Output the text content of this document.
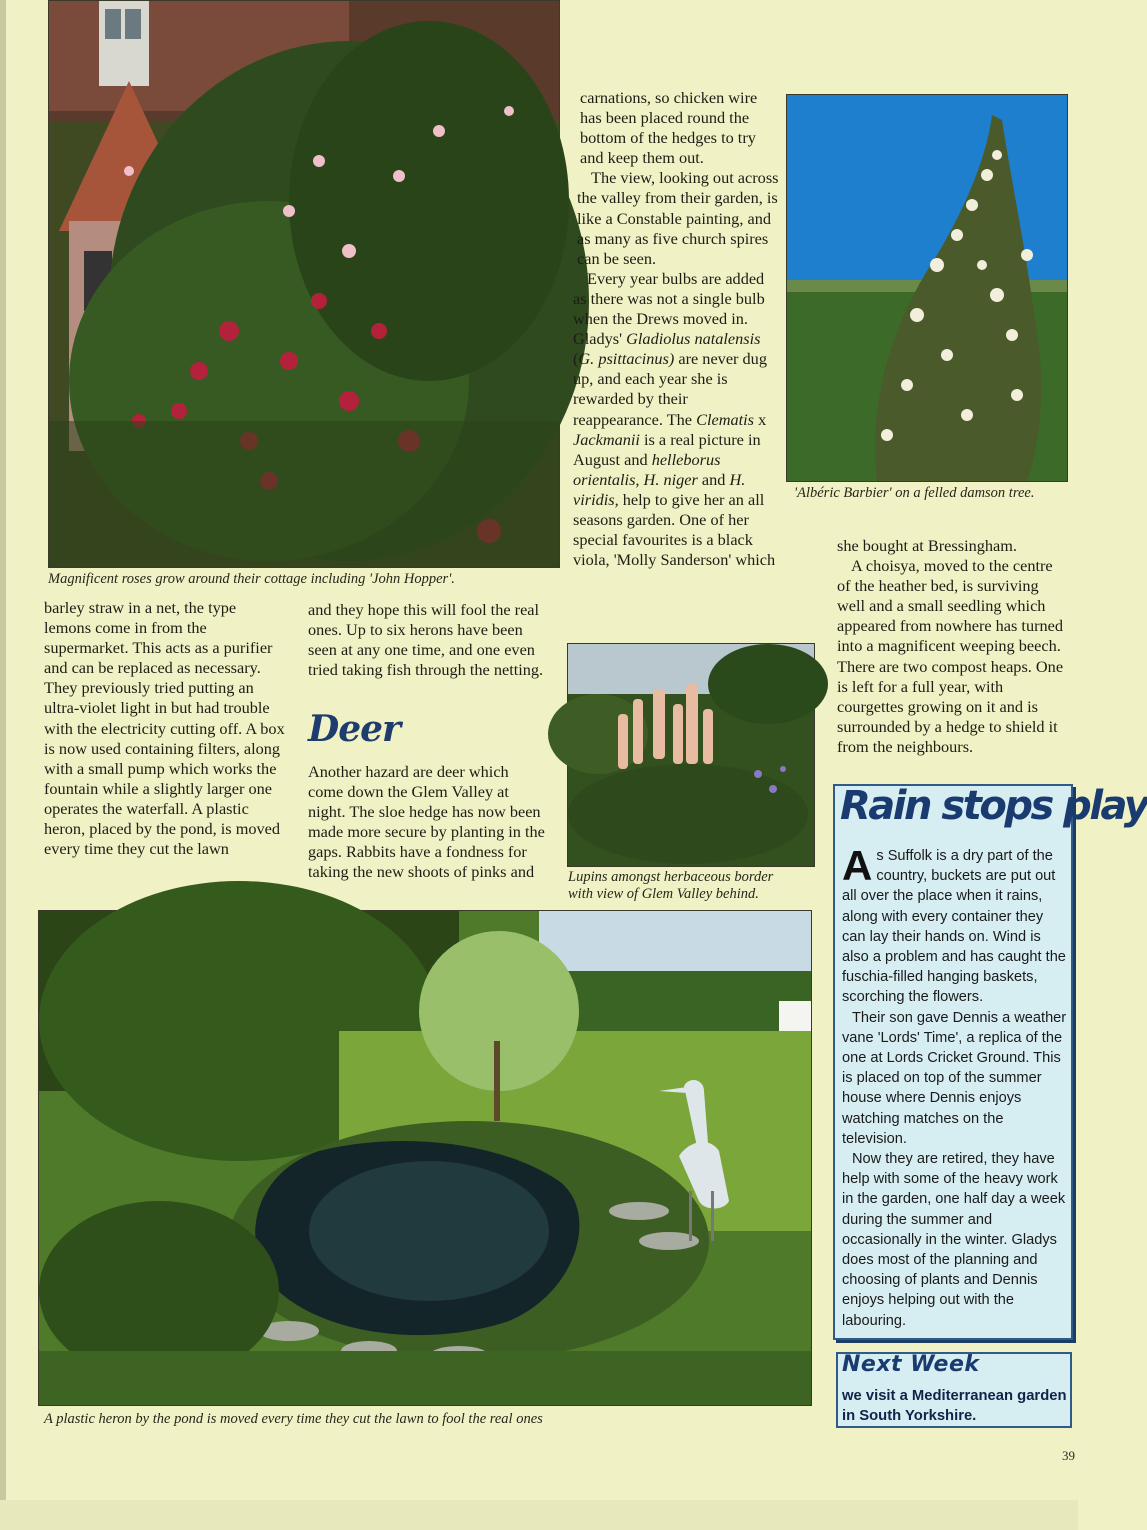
Magnificent roses grow around their cottage including 'John Hopper'.

carnations, so chicken wire has been placed round the bottom of the hedges to try and keep them out.

The view, looking out across the valley from their garden, is like a Constable painting, and as many as five church spires can be seen.

Every year bulbs are added as there was not a single bulb when the Drews moved in. Gladys' Gladiolus natalensis (G. psittacinus) are never dug up, and each year she is rewarded by their reappearance. The Clematis x Jackmanii is a real picture in August and helleborus orientalis, H. niger and H. viridis, help to give her an all seasons garden. One of her special favourites is a black viola, 'Molly Sanderson' which

'Albéric Barbier' on a felled damson tree.

barley straw in a net, the type lemons come in from the supermarket. This acts as a purifier and can be replaced as necessary. They previously tried putting an ultra-violet light in but had trouble with the electricity cutting off. A box is now used containing filters, along with a small pump which works the fountain while a slightly larger one operates the waterfall. A plastic heron, placed by the pond, is moved every time they cut the lawn

and they hope this will fool the real ones. Up to six herons have been seen at any one time, and one even tried taking fish through the netting.

Deer

Another hazard are deer which come down the Glem Valley at night. The sloe hedge has now been made more secure by planting in the gaps. Rabbits have a fondness for taking the new shoots of pinks and	Lupins amongst herbaceous border
with view of Glem Valley behind.

she bought at Bressingham.

A choisya, moved to the centre of the heather bed, is surviving well and a small seedling which appeared from nowhere has turned into a magnificent weeping beech. There are two compost heaps. One is left for a full year, with courgettes growing on it and is surrounded by a hedge to shield it from the neighbours.

Rain stops play

As Suffolk is a dry part of the country, buckets are put out all over the place when it rains, along with every container they can lay their hands on. Wind is also a problem and has caught the fuschia-filled hanging baskets, scorching the flowers.

Their son gave Dennis a weather vane 'Lords' Time', a replica of the one at Lords Cricket Ground. This is placed on top of the summer house where Dennis enjoys watching matches on the television.

Now they are retired, they have help with some of the heavy work in the garden, one half day a week during the summer and occasionally in the winter. Gladys does most of the planning and choosing of plants and Dennis enjoys helping out with the labouring.

A plastic heron by the pond is moved every time they cut the lawn to fool the real ones
Next Week
we visit a Mediterranean garden in South Yorkshire.
39
